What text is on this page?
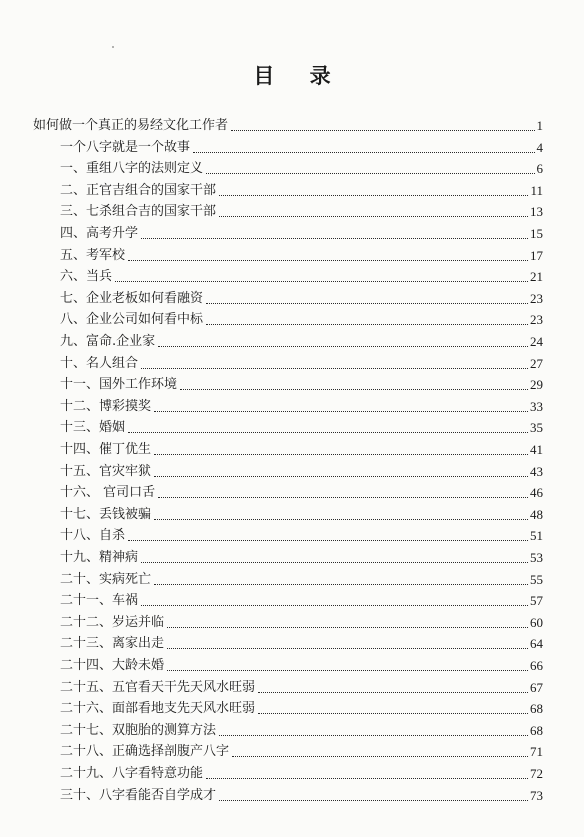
目 录
如何做一个真正的易经文化工作者	1
一个八字就是一个故事	4
一、重组八字的法则定义	6
二、正官吉组合的国家干部	11
三、七杀组合吉的国家干部	13
四、高考升学	15
五、考军校	17
六、当兵	21
七、企业老板如何看融资	23
八、企业公司如何看中标	23
九、富命.企业家	24
十、名人组合	27
十一、国外工作环境	29
十二、博彩摸奖	33
十三、婚姻	35
十四、催丁优生	41
十五、官灾牢狱	43
十六、 官司口舌	46
十七、丢钱被骗	48
十八、自杀	51
十九、精神病	53
二十、实病死亡	55
二十一、车祸	57
二十二、岁运并临	60
二十三、离家出走	64
二十四、大龄未婚	66
二十五、五官看天干先天风水旺弱	67
二十六、面部看地支先天风水旺弱	68
二十七、双胞胎的测算方法	68
二十八、正确选择剖腹产八字	71
二十九、八字看特意功能	72
三十、八字看能否自学成才	73
